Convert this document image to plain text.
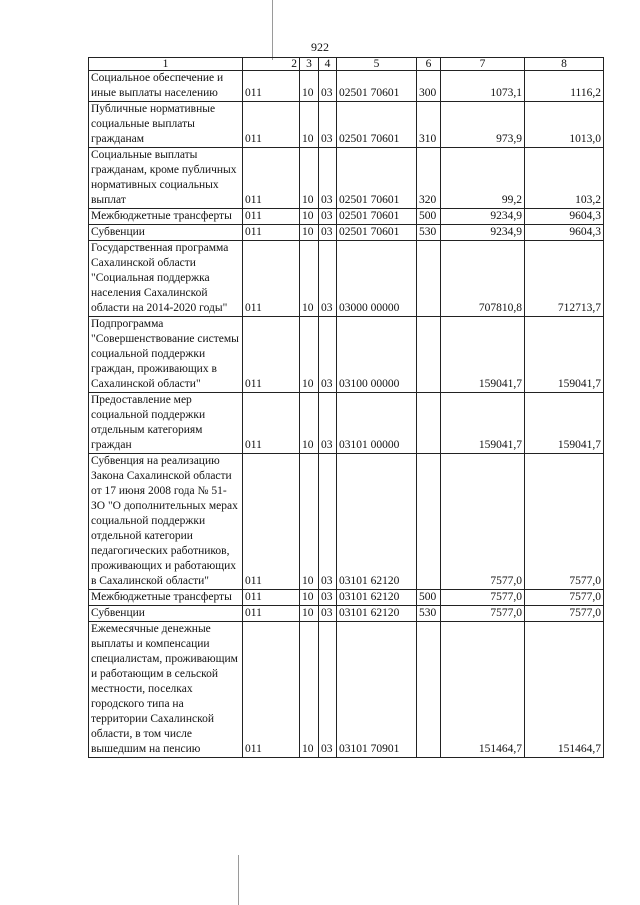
922
1	2	3	4	5	6	7	8
Социальное обеспечение и иные выплаты населению	011	10	03	02501 70601	300	1073,1	1116,2
Публичные нормативные социальные выплаты гражданам	011	10	03	02501 70601	310	973,9	1013,0
Социальные выплаты гражданам, кроме публичных нормативных социальных выплат	011	10	03	02501 70601	320	99,2	103,2
Межбюджетные трансферты	011	10	03	02501 70601	500	9234,9	9604,3
Субвенции	011	10	03	02501 70601	530	9234,9	9604,3
Государственная программа Сахалинской области "Социальная поддержка населения Сахалинской области на 2014-2020 годы"	011	10	03	03000 00000		707810,8	712713,7
Подпрограмма "Совершенствование системы социальной поддержки граждан, проживающих в Сахалинской области"	011	10	03	03100 00000		159041,7	159041,7
Предоставление мер социальной поддержки отдельным категориям граждан	011	10	03	03101 00000		159041,7	159041,7
Субвенция на реализацию Закона Сахалинской области от 17 июня 2008 года № 51-ЗО "О дополнительных мерах социальной поддержки отдельной категории педагогических работников, проживающих и работающих в Сахалинской области"	011	10	03	03101 62120		7577,0	7577,0
Межбюджетные трансферты	011	10	03	03101 62120	500	7577,0	7577,0
Субвенции	011	10	03	03101 62120	530	7577,0	7577,0
Ежемесячные денежные выплаты и компенсации специалистам, проживающим и работающим в сельской местности, поселках городского типа на территории Сахалинской области, в том числе вышедшим на пенсию	011	10	03	03101 70901		151464,7	151464,7
